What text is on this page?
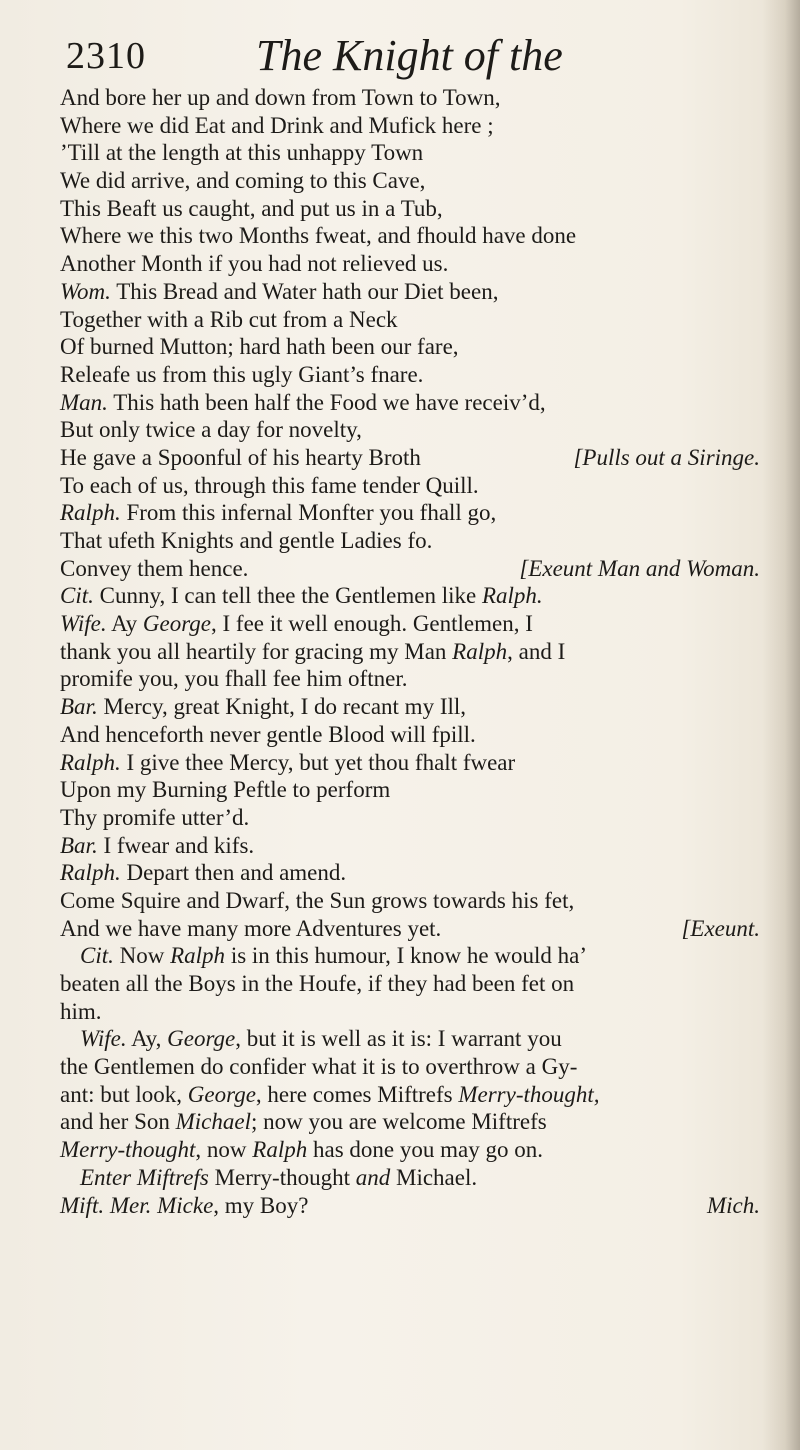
2310	The Knight of the
And bore her up and down from Town to Town,
Where we did Eat and Drink and Mufick here ;
’Till at the length at this unhappy Town
We did arrive, and coming to this Cave,
This Beaft us caught, and put us in a Tub,
Where we this two Months fweat, and fhould have done
Another Month if you had not relieved us.
Wom. This Bread and Water hath our Diet been,
Together with a Rib cut from a Neck
Of burned Mutton; hard hath been our fare,
Releafe us from this ugly Giant’s fnare.
Man. This hath been half the Food we have receiv’d,
But only twice a day for novelty,
He gave a Spoonful of his hearty Broth	[Pulls out a Siringe.
To each of us, through this fame tender Quill.
Ralph. From this infernal Monfter you fhall go,
That ufeth Knights and gentle Ladies fo.
Convey them hence.	[Exeunt Man and Woman.
Cit. Cunny, I can tell thee the Gentlemen like Ralph.
Wife. Ay George, I fee it well enough. Gentlemen, I
thank you all heartily for gracing my Man Ralph, and I
promife you, you fhall fee him oftner.
Bar. Mercy, great Knight, I do recant my Ill,
And henceforth never gentle Blood will fpill.
Ralph. I give thee Mercy, but yet thou fhalt fwear
Upon my Burning Peftle to perform
Thy promife utter’d.
Bar. I fwear and kifs.
Ralph. Depart then and amend.
Come Squire and Dwarf, the Sun grows towards his fet,
And we have many more Adventures yet.	[Exeunt.
Cit. Now Ralph is in this humour, I know he would ha’
beaten all the Boys in the Houfe, if they had been fet on
him.
Wife. Ay, George, but it is well as it is: I warrant you
the Gentlemen do confider what it is to overthrow a Gy-
ant: but look, George, here comes Miftrefs Merry-thought,
and her Son Michael; now you are welcome Miftrefs
Merry-thought, now Ralph has done you may go on.
Enter Miftrefs Merry-thought and Michael.
Mift. Mer. Micke, my Boy?	Mich.
